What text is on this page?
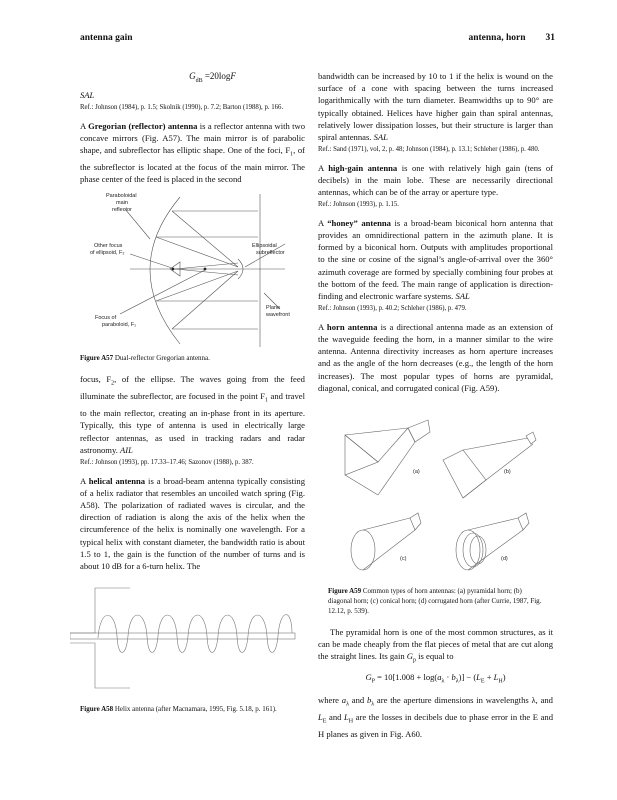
antenna gain	antenna, horn 31
$G_{dB} =20\log F$

SAL

Ref.: Johnson (1984), p. 1.5; Skolnik (1990), p. 7.2; Barton (1988), p. 166.

A Gregorian (reflector) antenna is a reflector antenna with two concave mirrors (Fig. A57). The main mirror is of parabolic shape, and subreflector has elliptic shape. One of the foci, $F_1$, of the subreflector is located at the focus of the main mirror. The phase center of the feed is placed in the second

Paraboloidal
main
reflector
Other focus
of ellipsoid, F₂
Ellipsoidal
subreflector
Plane
wavefront
Focus of
paraboloid, F₁

Figure A57 Dual-reflector Gregorian antenna.

focus, $F_2$, of the ellipse. The waves going from the feed illuminate the subreflector, are focused in the point $F_1$ and travel to the main reflector, creating an in-phase front in its aperture. Typically, this type of antenna is used in electrically large reflector antennas, as used in tracking radars and radar astronomy. AIL

Ref.: Johnson (1993), pp. 17.33–17.46; Sazonov (1988), p. 387.

A helical antenna is a broad-beam antenna typically consisting of a helix radiator that resembles an uncoiled watch spring (Fig. A58). The polarization of radiated waves is circular, and the direction of radiation is along the axis of the helix when the circumference of the helix is nominally one wavelength. For a typical helix with constant diameter, the bandwidth ratio is about 1.5 to 1, the gain is the function of the number of turns and is about 10 dB for a 6-turn helix. The

Figure A58 Helix antenna (after Macnamara, 1995, Fig. 5.18, p. 161).

bandwidth can be increased by 10 to 1 if the helix is wound on the surface of a cone with spacing between the turns increased logarithmically with the turn diameter. Beamwidths up to 90° are typically obtained. Helices have higher gain than spiral antennas, relatively lower dissipation losses, but their structure is larger than spiral antennas. SAL

Ref.: Sand (1971), vol, 2, p. 48; Johnson (1984), p. 13.1; Schleher (1986), p. 480.

A high-gain antenna is one with relatively high gain (tens of decibels) in the main lobe. These are necessarily directional antennas, which can be of the array or aperture type.

Ref.: Johnson (1993), p. 1.15.

A “honey” antenna is a broad-beam biconical horn antenna that provides an omnidirectional pattern in the azimuth plane. It is formed by a biconical horn. Outputs with amplitudes proportional to the sine or cosine of the signal’s angle-of-arrival over the 360° azimuth coverage are formed by specially combining four probes at the bottom of the feed. The main range of application is direction-finding and electronic warfare systems. SAL

Ref.: Johnson (1993), p. 40.2; Schleher (1986), p. 479.

A horn antenna is a directional antenna made as an extension of the waveguide feeding the horn, in a manner similar to the wire antenna. Antenna directivity increases as horn aperture increases and as the angle of the horn decreases (e.g., the length of the horn increases). The most popular types of horns are pyramidal, diagonal, conical, and corrugated conical (Fig. A59).

(a)	(b)
(c)	(d)

Figure A59 Common types of horn antennas: (a) pyramidal horn; (b) diagonal horn; (c) conical horn; (d) corrugated horn (after Currie, 1987, Fig. 12.12, p. 539).

The pyramidal horn is one of the most common structures, as it can be made cheaply from the flat pieces of metal that are cut along the straight lines. Its gain $G_p$ is equal to

$G_P = 10[1.008 + \log(a_\lambda \cdot b_\lambda)] - (L_E + L_H)$

where $a_\lambda$ and $b_\lambda$ are the aperture dimensions in wavelengths λ, and $L_E$ and $L_H$ are the losses in decibels due to phase error in the E and H planes as given in Fig. A60.
